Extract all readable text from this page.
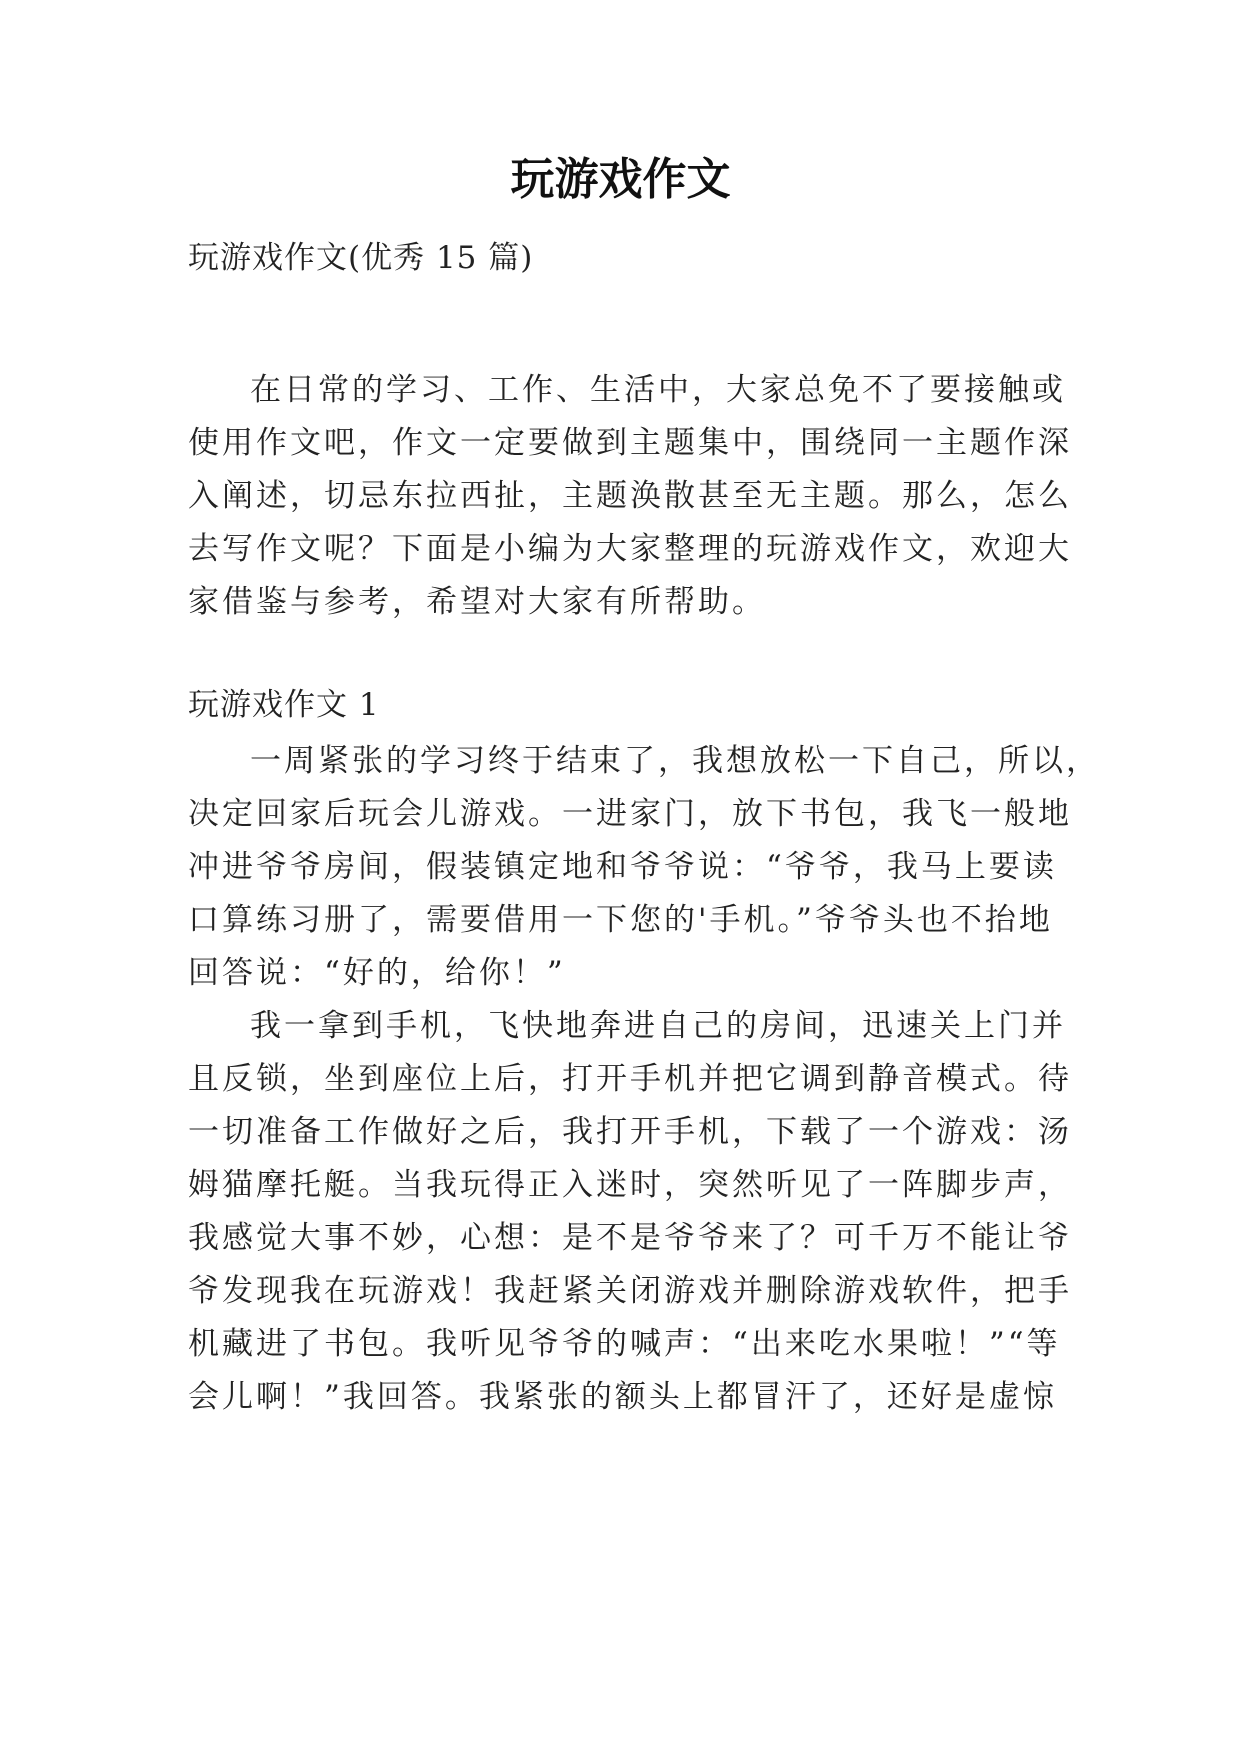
玩游戏作文
玩游戏作文(优秀 15 篇)
在日常的学习、工作、生活中，大家总免不了要接触或
使用作文吧，作文一定要做到主题集中，围绕同一主题作深
入阐述，切忌东拉西扯，主题涣散甚至无主题。那么，怎么
去写作文呢？下面是小编为大家整理的玩游戏作文，欢迎大
家借鉴与参考，希望对大家有所帮助。
玩游戏作文 1
一周紧张的学习终于结束了，我想放松一下自己，所以，
决定回家后玩会儿游戏。一进家门，放下书包，我飞一般地
冲进爷爷房间，假装镇定地和爷爷说：“爷爷，我马上要读
口算练习册了，需要借用一下您的'手机。”爷爷头也不抬地
回答说：“好的，给你！”
我一拿到手机，飞快地奔进自己的房间，迅速关上门并
且反锁，坐到座位上后，打开手机并把它调到静音模式。待
一切准备工作做好之后，我打开手机，下载了一个游戏：汤
姆猫摩托艇。当我玩得正入迷时，突然听见了一阵脚步声，
我感觉大事不妙，心想：是不是爷爷来了？可千万不能让爷
爷发现我在玩游戏！我赶紧关闭游戏并删除游戏软件，把手
机藏进了书包。我听见爷爷的喊声：“出来吃水果啦！”“等
会儿啊！”我回答。我紧张的额头上都冒汗了，还好是虚惊
